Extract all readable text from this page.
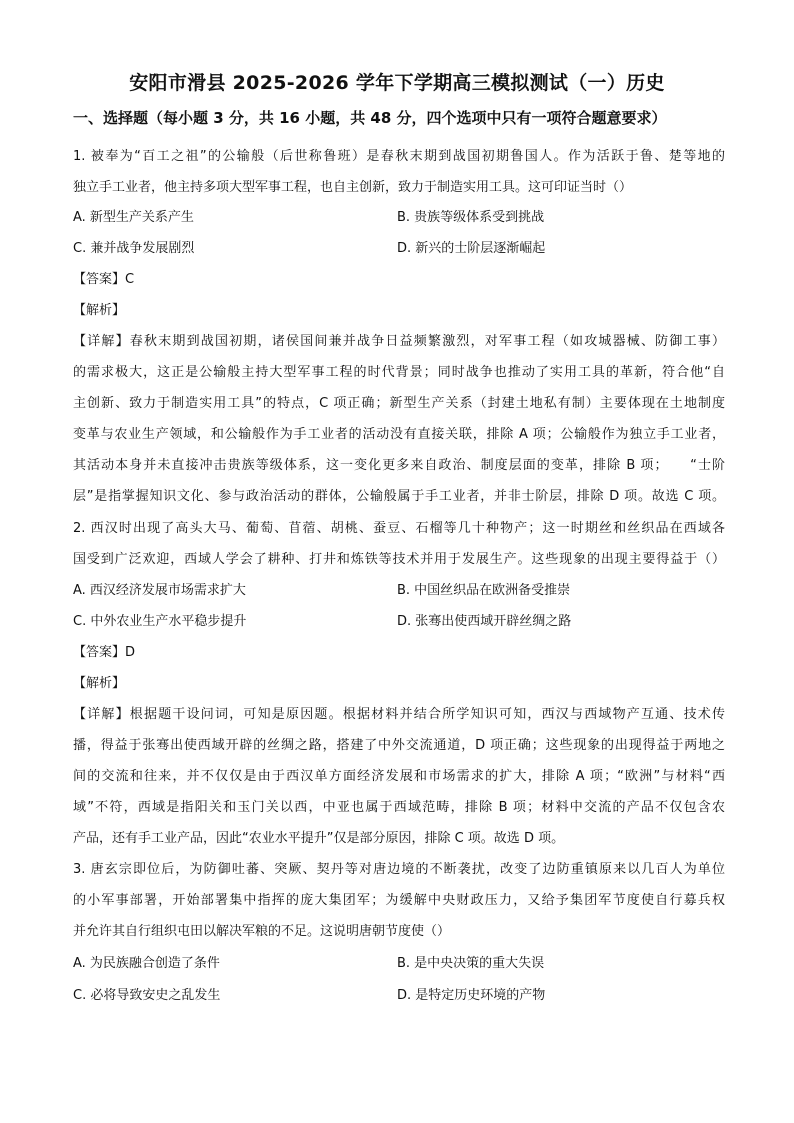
安阳市滑县 2025-2026 学年下学期高三模拟测试（一）历史
一、选择题（每小题 3 分，共 16 小题，共 48 分，四个选项中只有一项符合题意要求）
1. 被奉为“百工之祖”的公输般（后世称鲁班）是春秋末期到战国初期鲁国人。作为活跃于鲁、楚等地的
独立手工业者，他主持多项大型军事工程，也自主创新，致力于制造实用工具。这可印证当时（）
A. 新型生产关系产生	B. 贵族等级体系受到挑战
C. 兼并战争发展剧烈	D. 新兴的士阶层逐渐崛起
【答案】C
【解析】
【详解】春秋末期到战国初期，诸侯国间兼并战争日益频繁激烈，对军事工程（如攻城器械、防御工事）
的需求极大，这正是公输般主持大型军事工程的时代背景；同时战争也推动了实用工具的革新，符合他“自
主创新、致力于制造实用工具”的特点，C 项正确；新型生产关系（封建土地私有制）主要体现在土地制度
变革与农业生产领域，和公输般作为手工业者的活动没有直接关联，排除 A 项；公输般作为独立手工业者，
其活动本身并未直接冲击贵族等级体系，这一变化更多来自政治、制度层面的变革，排除 B 项；　　“士阶
层”是指掌握知识文化、参与政治活动的群体，公输般属于手工业者，并非士阶层，排除 D 项。故选 C 项。
2. 西汉时出现了高头大马、葡萄、苜蓿、胡桃、蚕豆、石榴等几十种物产；这一时期丝和丝织品在西域各
国受到广泛欢迎，西域人学会了耕种、打井和炼铁等技术并用于发展生产。这些现象的出现主要得益于（）
A. 西汉经济发展市场需求扩大	B. 中国丝织品在欧洲备受推崇
C. 中外农业生产水平稳步提升	D. 张骞出使西域开辟丝绸之路
【答案】D
【解析】
【详解】根据题干设问词，可知是原因题。根据材料并结合所学知识可知，西汉与西域物产互通、技术传
播，得益于张骞出使西域开辟的丝绸之路，搭建了中外交流通道，D 项正确；这些现象的出现得益于两地之
间的交流和往来，并不仅仅是由于西汉单方面经济发展和市场需求的扩大，排除 A 项；“欧洲”与材料“西
域”不符，西域是指阳关和玉门关以西，中亚也属于西域范畴，排除 B 项；材料中交流的产品不仅包含农
产品，还有手工业产品，因此“农业水平提升”仅是部分原因，排除 C 项。故选 D 项。
3. 唐玄宗即位后，为防御吐蕃、突厥、契丹等对唐边境的不断袭扰，改变了边防重镇原来以几百人为单位
的小军事部署，开始部署集中指挥的庞大集团军；为缓解中央财政压力，又给予集团军节度使自行募兵权
并允许其自行组织屯田以解决军粮的不足。这说明唐朝节度使（）
A. 为民族融合创造了条件	B. 是中央决策的重大失误
C. 必将导致安史之乱发生	D. 是特定历史环境的产物
